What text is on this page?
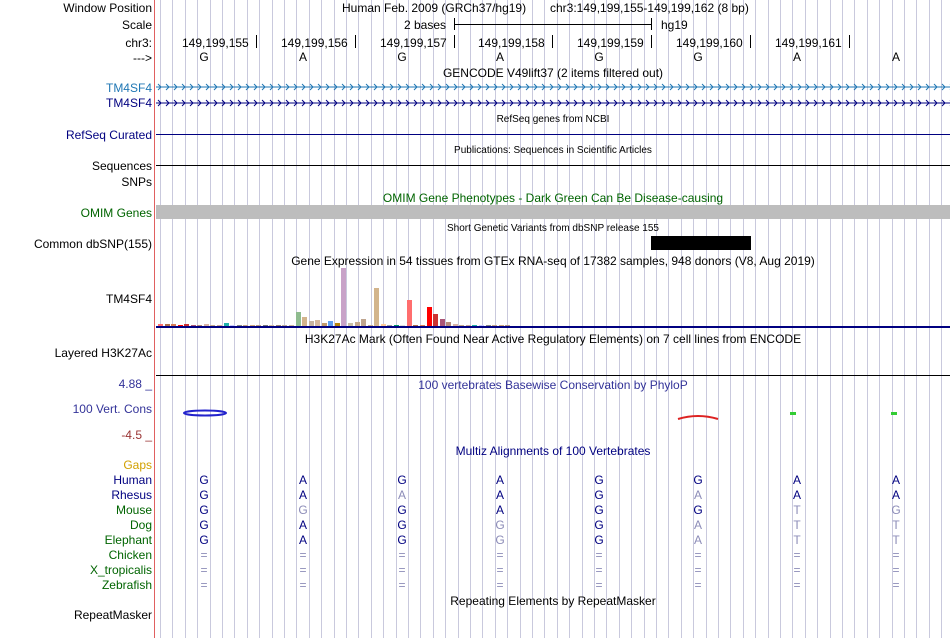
Window Position
Scale
chr3:
--->
Human Feb. 2009 (GRCh37/hg19) chr3:149,199,155-149,199,162 (8 bp)
2 bases	hg19
149,199,155	149,199,156	149,199,157	149,199,158	149,199,159	149,199,160	149,199,161
G	A	G	A	G	G	A	A
GENCODE V49lift37 (2 items filtered out)
TM4SF4
TM4SF4
RefSeq genes from NCBI
RefSeq Curated
Publications: Sequences in Scientific Articles
Sequences
SNPs
OMIM Gene Phenotypes - Dark Green Can Be Disease-causing
OMIM Genes
Short Genetic Variants from dbSNP release 155
Common dbSNP(155)
Gene Expression in 54 tissues from GTEx RNA-seq of 17382 samples, 948 donors (V8, Aug 2019)
TM4SF4
H3K27Ac Mark (Often Found Near Active Regulatory Elements) on 7 cell lines from ENCODE
Layered H3K27Ac
100 vertebrates Basewise Conservation by PhyloP
4.88 _
100 Vert. Cons
-4.5 _
Multiz Alignments of 100 Vertebrates
Gaps
Human	G	A	G	A	G	G	A	A
Rhesus	G	A	A	A	G	A	A	A
Mouse	G	G	G	A	G	G	T	G
Dog	G	A	G	G	G	A	T	T
Elephant	G	A	G	G	G	A	T	T
Chicken	=	=	=	=	=	=	=	=
X_tropicalis	=	=	=	=	=	=	=	=
Zebrafish	=	=	=	=	=	=	=	=
Repeating Elements by RepeatMasker
RepeatMasker
